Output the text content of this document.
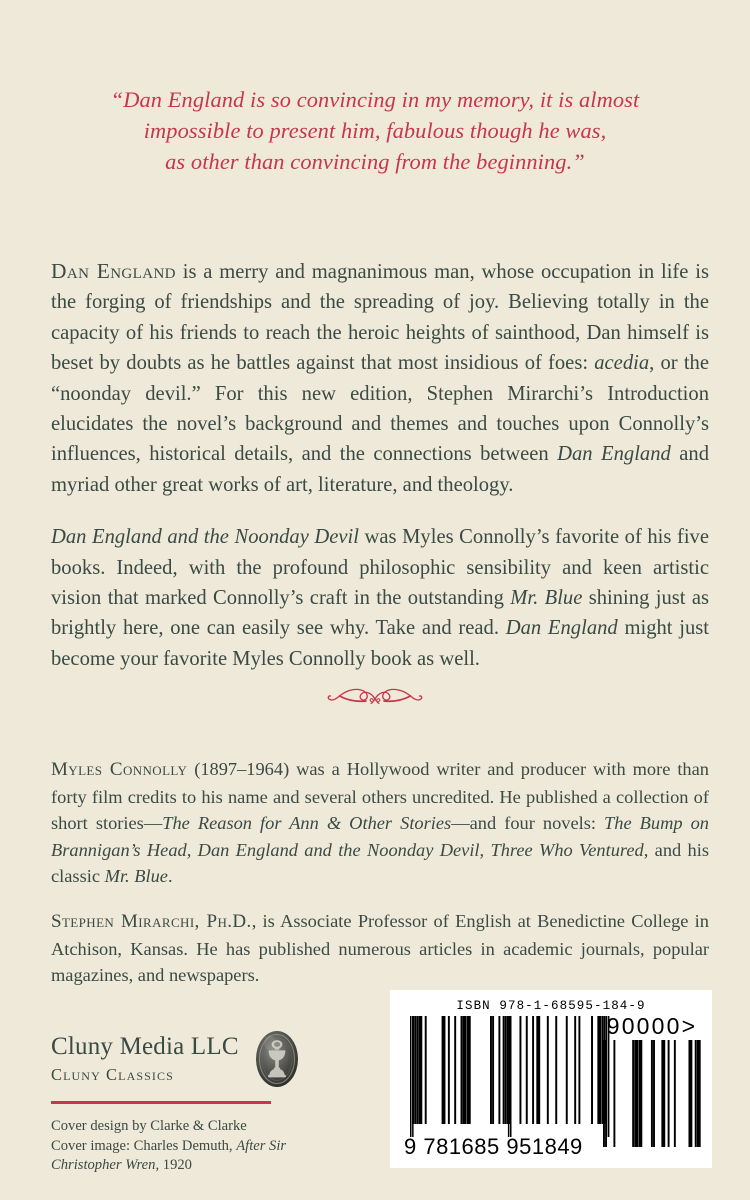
“Dan England is so convincing in my memory, it is almost
impossible to present him, fabulous though he was,
as other than convincing from the beginning.”

Dan England is a merry and magnanimous man, whose occupation in life is the forging of friendships and the spreading of joy. Believing totally in the capacity of his friends to reach the heroic heights of sainthood, Dan himself is beset by doubts as he battles against that most insidious of foes: acedia, or the “noonday devil.” For this new edition, Stephen Mirarchi’s Introduction elucidates the novel’s background and themes and touches upon Connolly’s influences, historical details, and the connections between Dan England and myriad other great works of art, literature, and theology.

Dan England and the Noonday Devil was Myles Connolly’s favorite of his five books. Indeed, with the profound philosophic sensibility and keen artistic vision that marked Connolly’s craft in the outstanding Mr. Blue shining just as brightly here, one can easily see why. Take and read. Dan England might just become your favorite Myles Connolly book as well.

Myles Connolly (1897–1964) was a Hollywood writer and producer with more than forty film credits to his name and several others uncredited. He published a collection of short stories—The Reason for Ann & Other Stories—and four novels: The Bump on Brannigan’s Head, Dan England and the Noonday Devil, Three Who Ventured, and his classic Mr. Blue.

Stephen Mirarchi, Ph.D., is Associate Professor of English at Benedictine College in Atchison, Kansas. He has published numerous articles in academic journals, popular magazines, and newspapers.

Cluny Media LLC
Cluny Classics
Cover design by Clarke & Clarke
Cover image: Charles Demuth, After Sir
Christopher Wren, 1920
ISBN 978-1-68595-184-9
9 781685 951849
90000>
